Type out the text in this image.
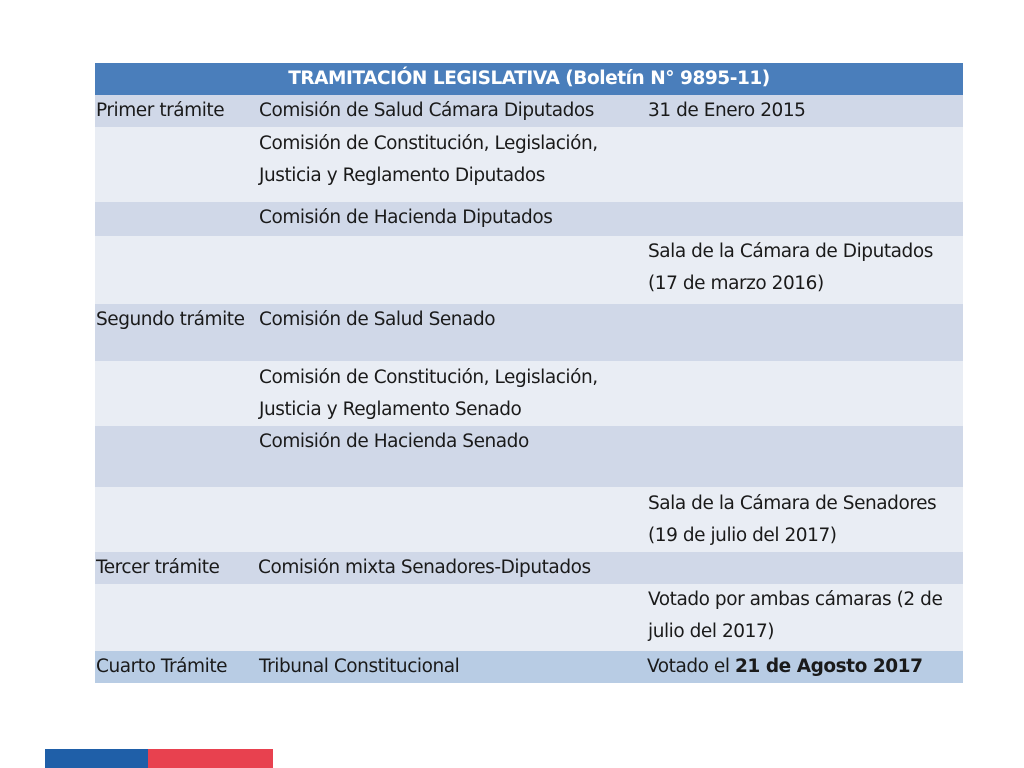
TRAMITACIÓN LEGISLATIVA (Boletín N° 9895-11)		
Primer trámite	Comisión de Salud Cámara Diputados	31 de Enero 2015

	Comisión de Constitución, Legislación, Justicia y Reglamento Diputados	

	Comisión de Hacienda Diputados	
		Sala de la Cámara de Diputados (17 de marzo 2016)
Segundo trámite	Comisión de Salud Senado	

	Comisión de Constitución, Legislación, Justicia y Reglamento Senado	

	Comisión de Hacienda Senado	

		Sala de la Cámara de Senadores (19 de julio del 2017)

Tercer trámite	Comisión mixta Senadores-Diputados	
		Votado por ambas cámaras (2 de julio del 2017)
Cuarto Trámite	Tribunal Constitucional	Votado el 21 de Agosto 2017
